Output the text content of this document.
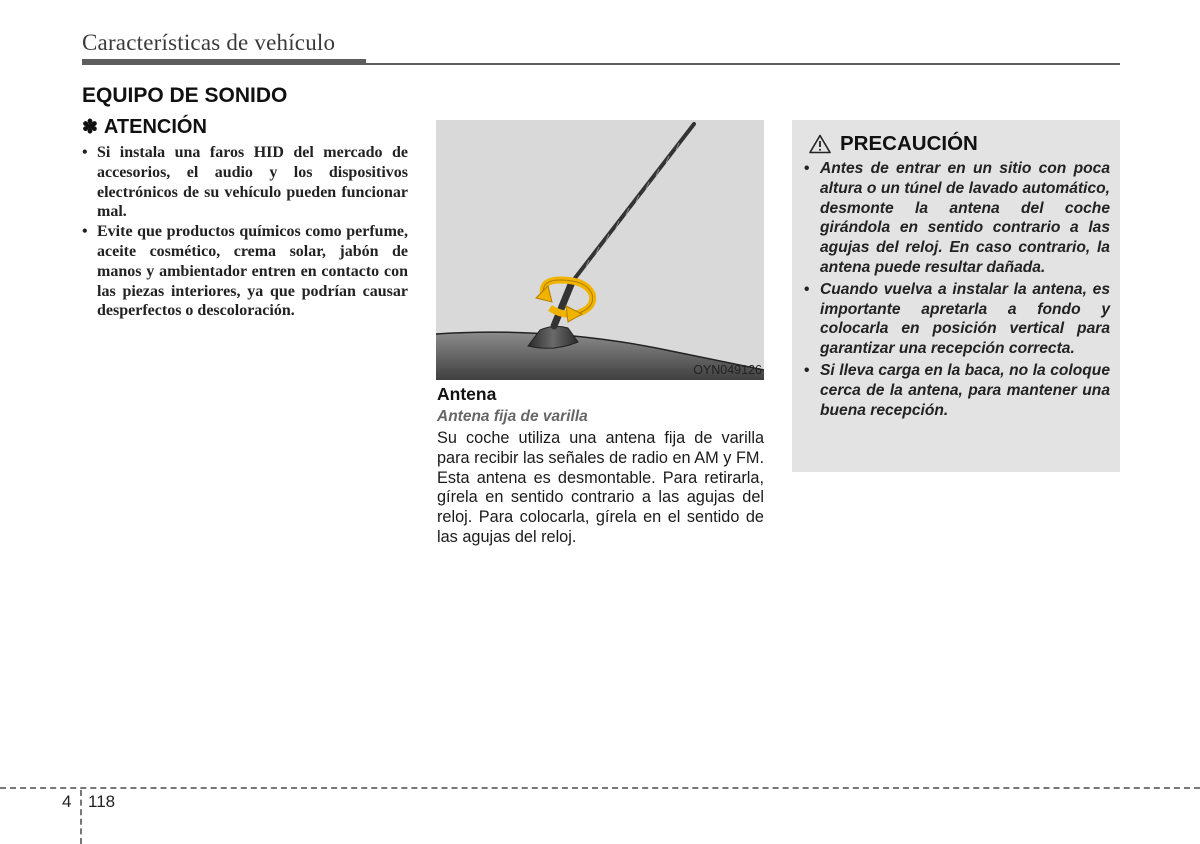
Características de vehículo
EQUIPO DE SONIDO
✽ ATENCIÓN
• Si instala una faros HID del mercado de accesorios, el audio y los dispositivos electrónicos de su vehículo pueden funcionar mal.
• Evite que productos químicos como perfume, aceite cosmético, crema solar, jabón de manos y ambientador entren en contacto con las piezas interiores, ya que podrían causar desperfectos o descoloración.
OYN049126
Antena
Antena fija de varilla

Su coche utiliza una antena fija de varilla para recibir las señales de radio en AM y FM. Esta antena es desmontable. Para retirarla, gírela en sentido contrario a las agujas del reloj. Para colocarla, gírela en el sentido de las agujas del reloj.

PRECAUCIÓN
• Antes de entrar en un sitio con poca altura o un túnel de lavado automático, desmonte la antena del coche girándola en sentido contrario a las agujas del reloj. En caso contrario, la antena puede resultar dañada.
• Cuando vuelva a instalar la antena, es importante apretarla a fondo y colocarla en posición vertical para garantizar una recepción correcta.
• Si lleva carga en la baca, no la coloque cerca de la antena, para mantener una buena recepción.
4 118
